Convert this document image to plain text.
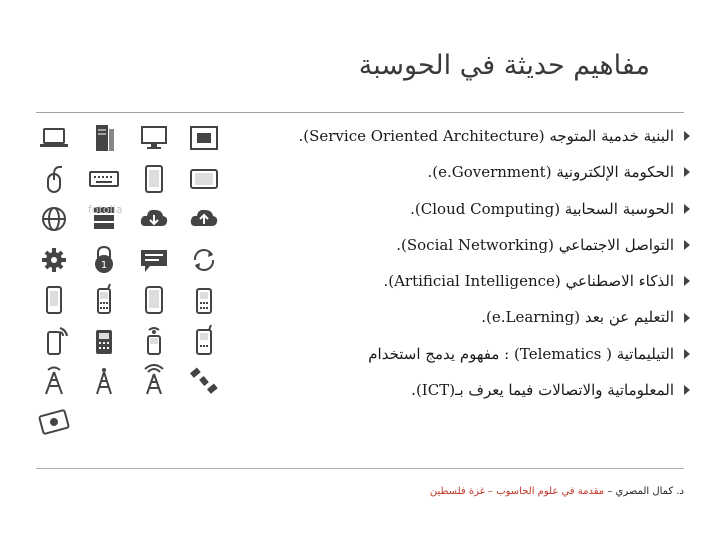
مفاهيم حديثة في الحوسبة
البنية خدمية المتوجه (Service Oriented Architecture).
الحكومة الإلكترونية (e.Government).
الحوسبة السحابية (Cloud Computing).
التواصل الاجتماعي (Social Networking).
الذكاء الاصطناعي (Artificial Intelligence).
التعليم عن بعد (e.Learning).
التيليماتية ( Telematics) : مفهوم يدمج استخدام
المعلوماتية والاتصالات فيما يعرف بـ(ICT).
1
fotolia
د. كمال المصري – مقدمة في علوم الحاسوب – غزة فلسطين
